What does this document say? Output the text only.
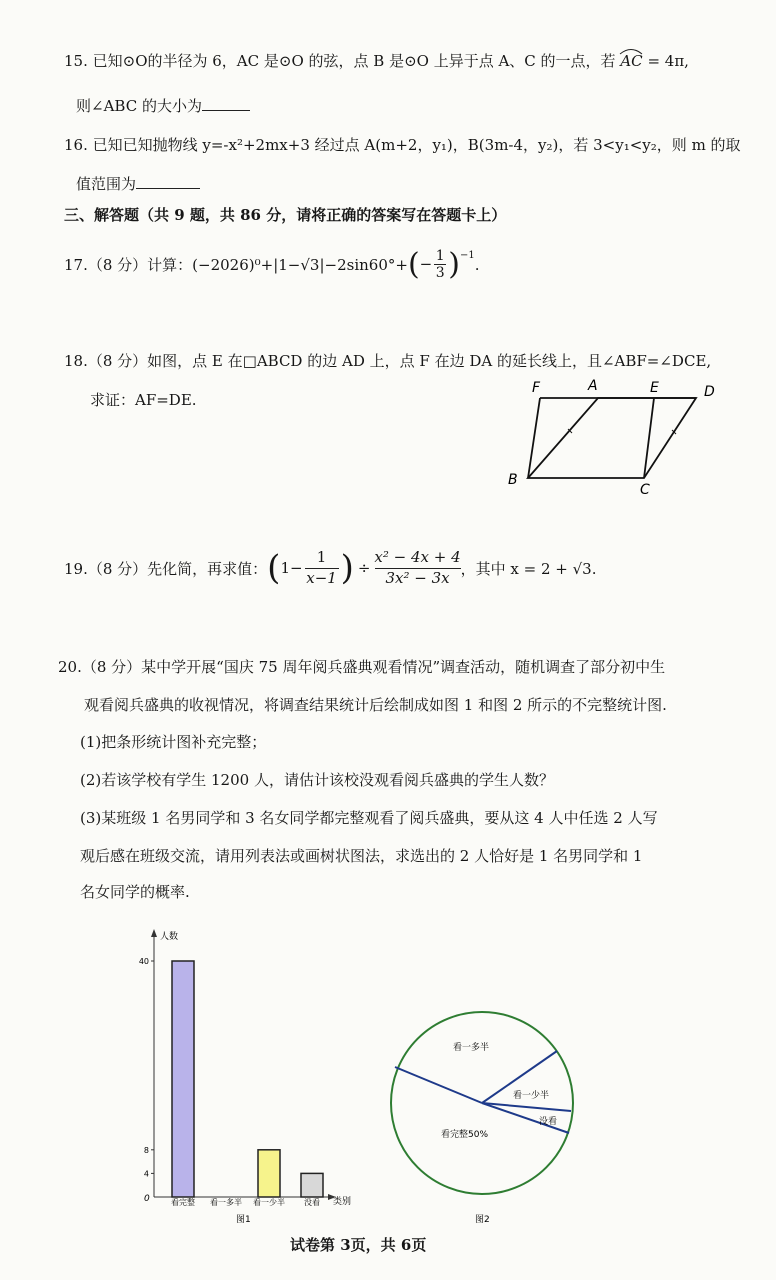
15. 已知⊙O的半径为 6，AC 是⊙O 的弦，点 B 是⊙O 上异于点 A、C 的一点，若 AC = 4π,
则∠ABC 的大小为
16. 已知已知抛物线 y=-x²+2mx+3 经过点 A(m+2，y₁)，B(3m-4，y₂)，若 3<y₁<y₂，则 m 的取
值范围为
三、解答题（共 9 题，共 86 分，请将正确的答案写在答题卡上）
17.（8 分）计算： (−2026)⁰+|1−√3|−2sin60°+ ( − 1
3 )$^{-1}$
.
18.（8 分）如图，点 E 在□ABCD 的边 AD 上，点 F 在边 DA 的延长线上，且∠ABF=∠DCE,
求证：AF=DE.
F	A	E	D
B
C
19.（8 分）先化简，再求值： ( 1−
1
x−1 ) ÷
x² − 4x + 4
3x² − 3x ，其中 x = 2 + √3.
20.（8 分）某中学开展“国庆 75 周年阅兵盛典观看情况”调查活动，随机调查了部分初中生
观看阅兵盛典的收视情况，将调查结果统计后绘制成如图 1 和图 2 所示的不完整统计图.
(1)把条形统计图补充完整；
(2)若该学校有学生 1200 人，请估计该校没观看阅兵盛典的学生人数？
(3)某班级 1 名男同学和 3 名女同学都完整观看了阅兵盛典，要从这 4 人中任选 2 人写
观后感在班级交流，请用列表法或画树状图法，求选出的 2 人恰好是 1 名男同学和 1
名女同学的概率.
人数
类别
0
40
8
4
看完整 看一多半 看一少半 没看
图1
看一多半
看一少半
没看
看完整50%
图2
试卷第 3页，共 6页
